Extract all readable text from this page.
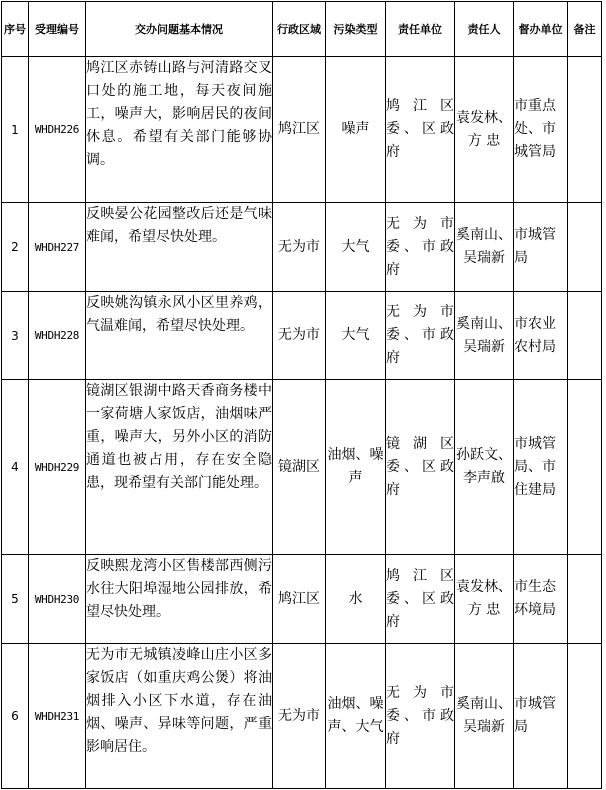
序号	受理编号	交办问题基本情况	行政区域	污染类型	责任单位	责任人	督办单位	备注
1	WHDH226	鸠江区赤铸山路与河清路交叉口处的施工地，每天夜间施工，噪声大，影响居民的夜间休息。希望有关部门能够协调。	鸠江区	噪声	鸠江区委、区政府	袁发林、方 忠	市重点处、市城管局	
2	WHDH227	反映晏公花园整改后还是气味难闻，希望尽快处理。	无为市	大气	无为市委、市政府	奚南山、吴瑞新	市城管局	
3	WHDH228	反映姚沟镇永风小区里养鸡，气温难闻，希望尽快处理。	无为市	大气	无为市委、市政府	奚南山、吴瑞新	市农业农村局	
4	WHDH229	镜湖区银湖中路天香商务楼中一家荷塘人家饭店，油烟味严重，噪声大，另外小区的消防通道也被占用，存在安全隐患，现希望有关部门能处理。	镜湖区	油烟、噪声	镜湖区委、区政府	孙跃文、李声啟	市城管局、市住建局	
5	WHDH230	反映熙龙湾小区售楼部西侧污水往大阳埠湿地公园排放，希望尽快处理。	鸠江区	水	鸠江区委、区政府	袁发林、方 忠	市生态环境局	
6	WHDH231	无为市无城镇凌峰山庄小区多家饭店（如重庆鸡公煲）将油烟排入小区下水道，存在油烟、噪声、异味等问题，严重影响居住。	无为市	油烟、噪声、大气	无为市委、市政府	奚南山、吴瑞新	市城管局	
